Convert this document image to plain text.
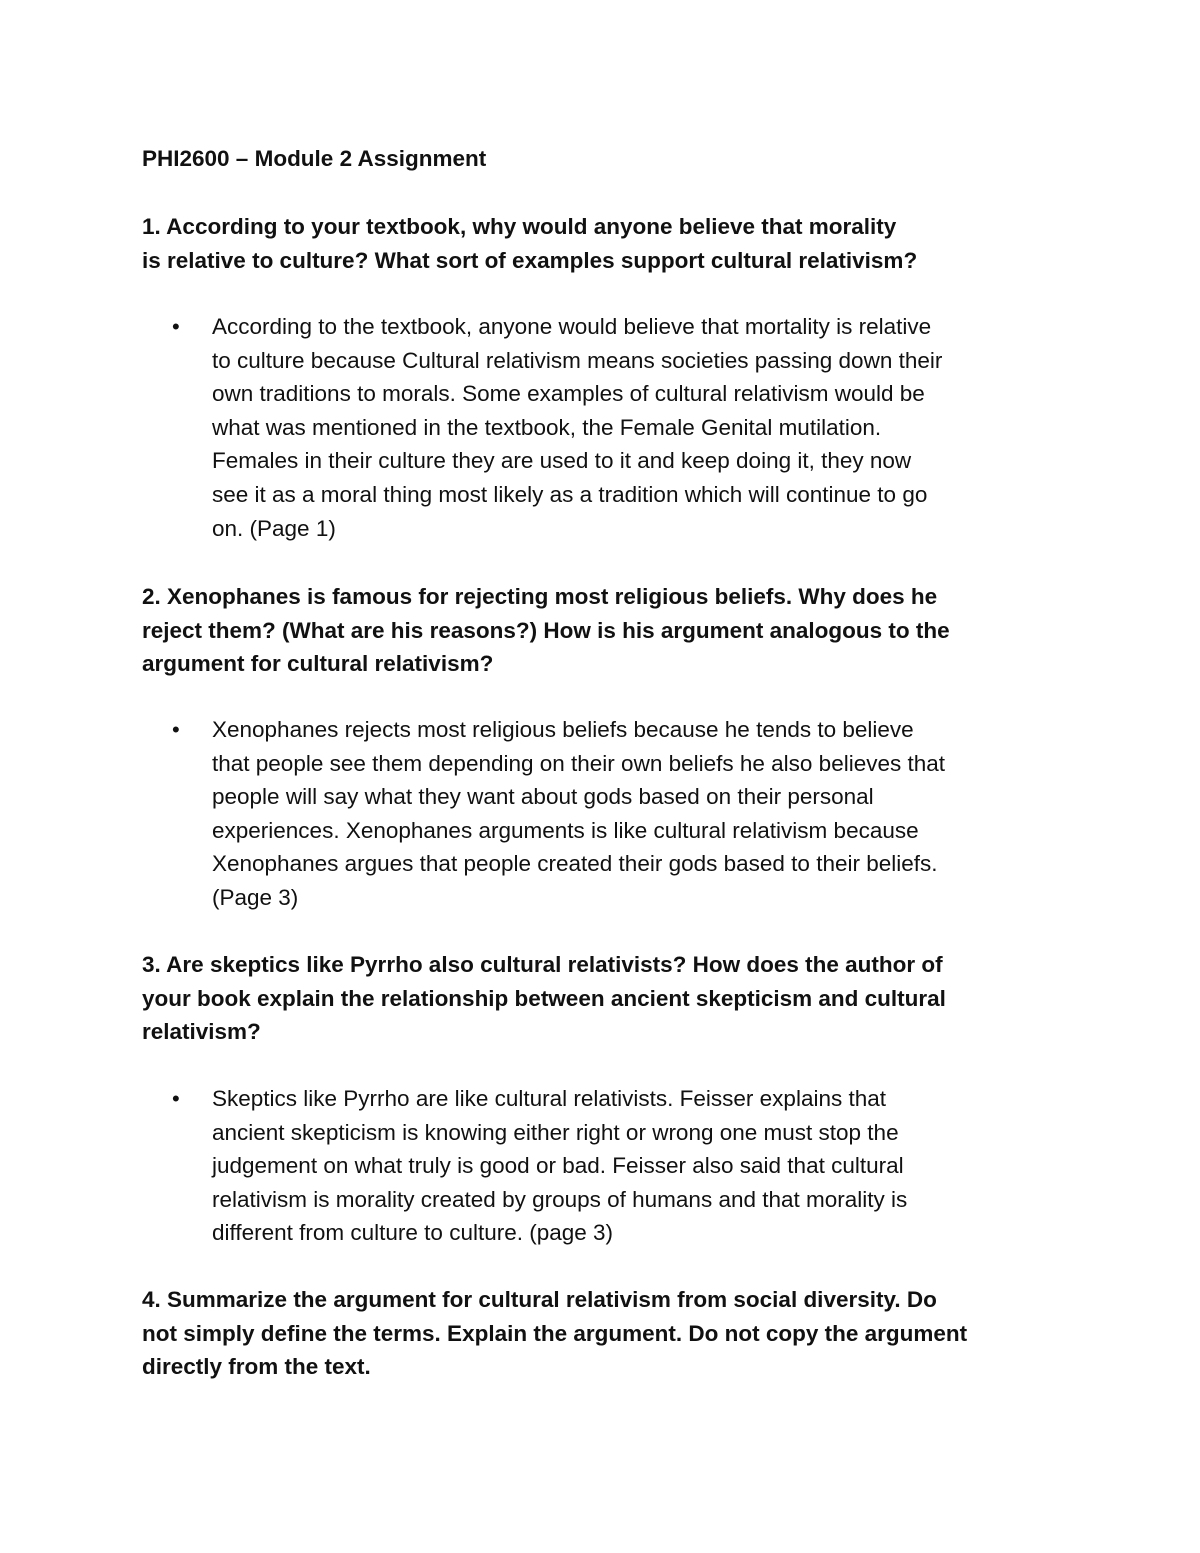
PHI2600 – Module 2 Assignment
1. According to your textbook, why would anyone believe that morality
is relative to culture? What sort of examples support cultural relativism?
• According to the textbook, anyone would believe that mortality is relative
to culture because Cultural relativism means societies passing down their
own traditions to morals. Some examples of cultural relativism would be
what was mentioned in the textbook, the Female Genital mutilation.
Females in their culture they are used to it and keep doing it, they now
see it as a moral thing most likely as a tradition which will continue to go
on. (Page 1)
2. Xenophanes is famous for rejecting most religious beliefs. Why does he
reject them? (What are his reasons?) How is his argument analogous to the
argument for cultural relativism?
• Xenophanes rejects most religious beliefs because he tends to believe
that people see them depending on their own beliefs he also believes that
people will say what they want about gods based on their personal
experiences. Xenophanes arguments is like cultural relativism because
Xenophanes argues that people created their gods based to their beliefs.
(Page 3)
3. Are skeptics like Pyrrho also cultural relativists? How does the author of
your book explain the relationship between ancient skepticism and cultural
relativism?
• Skeptics like Pyrrho are like cultural relativists. Feisser explains that
ancient skepticism is knowing either right or wrong one must stop the
judgement on what truly is good or bad. Feisser also said that cultural
relativism is morality created by groups of humans and that morality is
different from culture to culture. (page 3)
4. Summarize the argument for cultural relativism from social diversity. Do
not simply define the terms. Explain the argument. Do not copy the argument
directly from the text.
